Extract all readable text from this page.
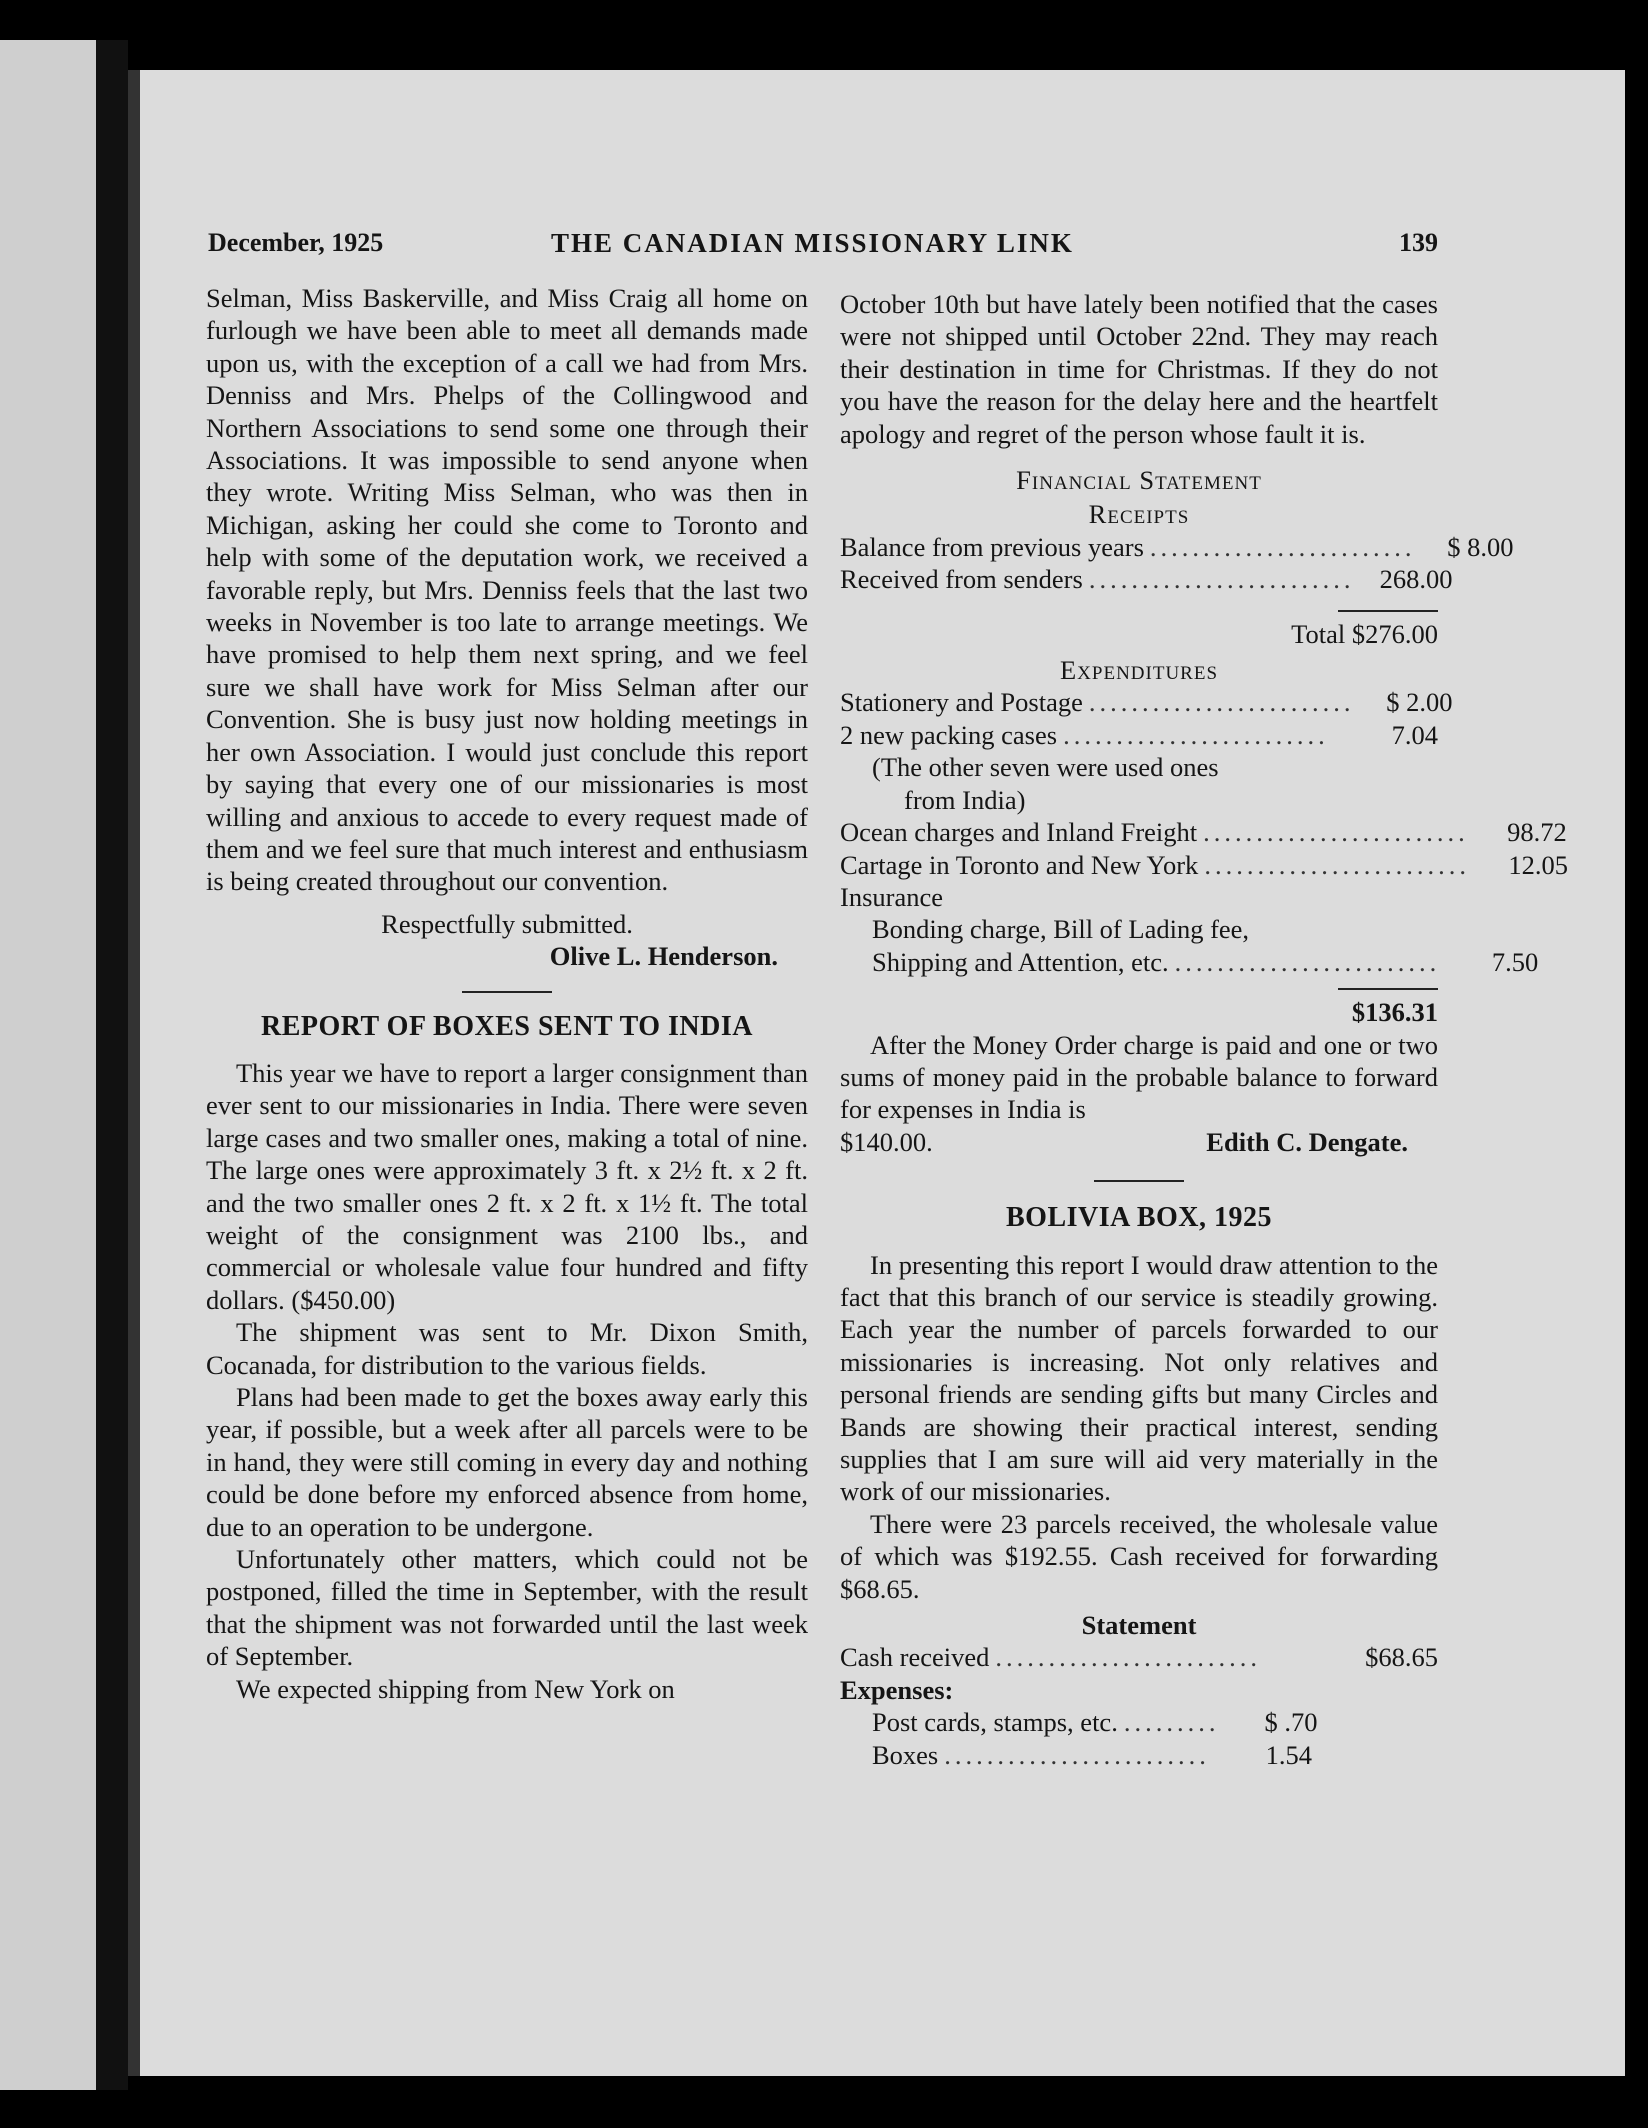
December, 1925	THE CANADIAN MISSIONARY LINK	139

Selman, Miss Baskerville, and Miss Craig all home on furlough we have been able to meet all demands made upon us, with the exception of a call we had from Mrs. Denniss and Mrs. Phelps of the Collingwood and Northern Associations to send some one through their Associations. It was impossible to send anyone when they wrote. Writing Miss Selman, who was then in Michigan, asking her could she come to Toronto and help with some of the deputation work, we received a favorable reply, but Mrs. Denniss feels that the last two weeks in November is too late to arrange meetings. We have promised to help them next spring, and we feel sure we shall have work for Miss Selman after our Convention. She is busy just now holding meetings in her own Association. I would just conclude this report by saying that every one of our missionaries is most willing and anxious to accede to every request made of them and we feel sure that much interest and enthusiasm is being created throughout our convention.

Respectfully submitted.
Olive L. Henderson.
REPORT OF BOXES SENT TO INDIA

This year we have to report a larger consignment than ever sent to our missionaries in India. There were seven large cases and two smaller ones, making a total of nine. The large ones were approximately 3 ft. x 2½ ft. x 2 ft. and the two smaller ones 2 ft. x 2 ft. x 1½ ft. The total weight of the consignment was 2100 lbs., and commercial or wholesale value four hundred and fifty dollars. ($450.00)

The shipment was sent to Mr. Dixon Smith, Cocanada, for distribution to the various fields.

Plans had been made to get the boxes away early this year, if possible, but a week after all parcels were to be in hand, they were still coming in every day and nothing could be done before my enforced absence from home, due to an operation to be undergone.

Unfortunately other matters, which could not be postponed, filled the time in September, with the result that the shipment was not forwarded until the last week of September.

We expected shipping from New York on

October 10th but have lately been notified that the cases were not shipped until October 22nd. They may reach their destination in time for Christmas. If they do not you have the reason for the delay here and the heartfelt apology and regret of the person whose fault it is.

Financial Statement
Receipts
Balance from previous years .........................	$ 8.00
Received from senders ......................... 268.00
Total $276.00
Expenditures
Stationery and Postage .........................	$ 2.00
2 new packing cases .........................	7.04
(The other seven were used ones
from India)
Ocean charges and Inland Freight .........................	98.72
Cartage in Toronto and New York .........................	12.05
Insurance
Bonding charge, Bill of Lading fee,
Shipping and Attention, etc. .........................	7.50
$136.31

After the Money Order charge is paid and one or two sums of money paid in the probable balance to forward for expenses in India is

$140.00.	Edith C. Dengate.
BOLIVIA BOX, 1925

In presenting this report I would draw attention to the fact that this branch of our service is steadily growing. Each year the number of parcels forwarded to our missionaries is increasing. Not only relatives and personal friends are sending gifts but many Circles and Bands are showing their practical interest, sending supplies that I am sure will aid very materially in the work of our missionaries.

There were 23 parcels received, the wholesale value of which was $192.55. Cash received for forwarding $68.65.

Statement
Cash received .........................	$68.65
Expenses:
Post cards, stamps, etc. .........	$ .70
Boxes .........................	1.54
